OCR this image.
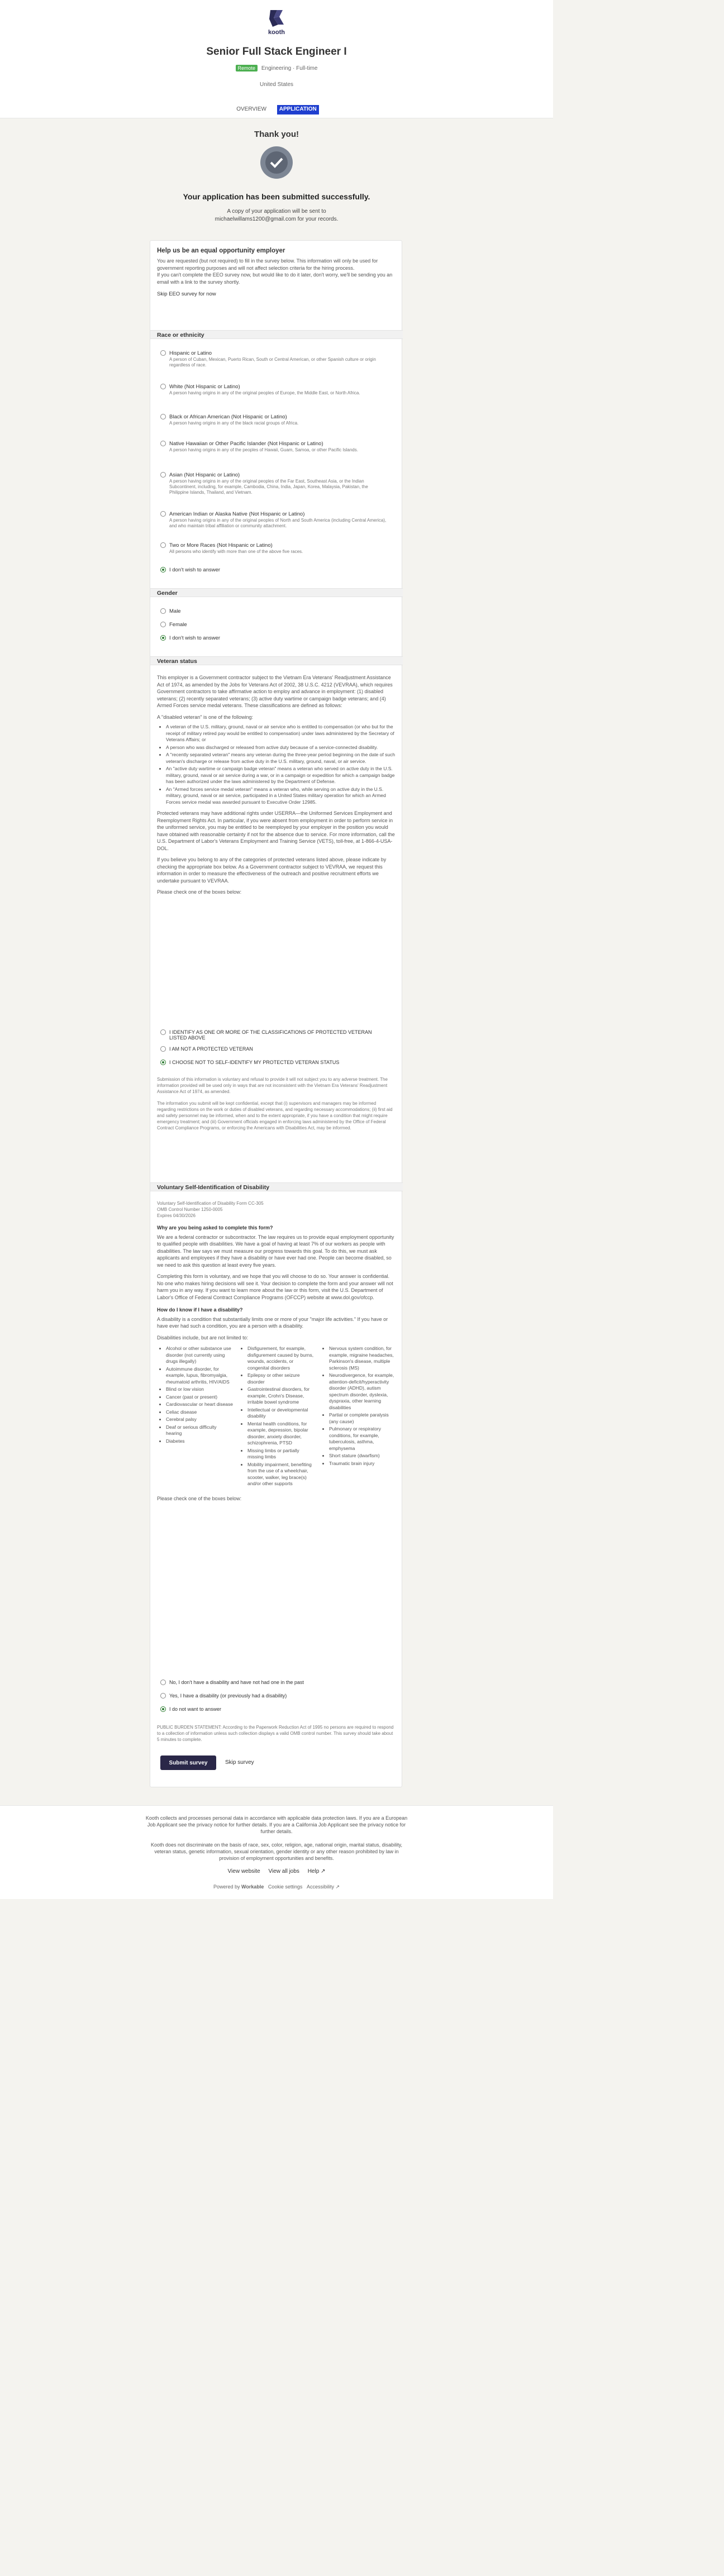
kooth
Senior Full Stack Engineer I
Remote Engineering · Full-time
United States
OVERVIEW APPLICATION
Thank you!
Your application has been submitted successfully.
A copy of your application will be sent to michaelwillams1200@gmail.com for your records.
Help us be an equal opportunity employer
You are requested (but not required) to fill in the survey below. This information will only be used for government reporting purposes and will not affect selection criteria for the hiring process.
If you can't complete the EEO survey now, but would like to do it later, don't worry, we'll be sending you an email with a link to the survey shortly.
Skip EEO survey for now
Race or ethnicity
Hispanic or Latino
A person of Cuban, Mexican, Puerto Rican, South or Central American, or other Spanish culture or origin regardless of race.
White (Not Hispanic or Latino)
A person having origins in any of the original peoples of Europe, the Middle East, or North Africa.
Black or African American (Not Hispanic or Latino)
A person having origins in any of the black racial groups of Africa.
Native Hawaiian or Other Pacific Islander (Not Hispanic or Latino)
A person having origins in any of the peoples of Hawaii, Guam, Samoa, or other Pacific Islands.
Asian (Not Hispanic or Latino)
A person having origins in any of the original peoples of the Far East, Southeast Asia, or the Indian Subcontinent, including, for example, Cambodia, China, India, Japan, Korea, Malaysia, Pakistan, the Philippine Islands, Thailand, and Vietnam.
American Indian or Alaska Native (Not Hispanic or Latino)
A person having origins in any of the original peoples of North and South America (including Central America), and who maintain tribal affiliation or community attachment.
Two or More Races (Not Hispanic or Latino)
All persons who identify with more than one of the above five races.
I don't wish to answer
Gender
Male
Female
I don't wish to answer
Veteran status
This employer is a Government contractor subject to the Vietnam Era Veterans' Readjustment Assistance Act of 1974, as amended by the Jobs for Veterans Act of 2002, 38 U.S.C. 4212 (VEVRAA), which requires Government contractors to take affirmative action to employ and advance in employment: (1) disabled veterans; (2) recently separated veterans; (3) active duty wartime or campaign badge veterans; and (4) Armed Forces service medal veterans. These classifications are defined as follows:
A "disabled veteran" is one of the following:
• A veteran of the U.S. military, ground, naval or air service who is entitled to compensation (or who but for the receipt of military retired pay would be entitled to compensation) under laws administered by the Secretary of Veterans Affairs; or
• A person who was discharged or released from active duty because of a service-connected disability.
• A "recently separated veteran" means any veteran during the three-year period beginning on the date of such veteran's discharge or release from active duty in the U.S. military, ground, naval, or air service.
• An "active duty wartime or campaign badge veteran" means a veteran who served on active duty in the U.S. military, ground, naval or air service during a war, or in a campaign or expedition for which a campaign badge has been authorized under the laws administered by the Department of Defense.
• An "Armed forces service medal veteran" means a veteran who, while serving on active duty in the U.S. military, ground, naval or air service, participated in a United States military operation for which an Armed Forces service medal was awarded pursuant to Executive Order 12985.
Protected veterans may have additional rights under USERRA—the Uniformed Services Employment and Reemployment Rights Act. In particular, if you were absent from employment in order to perform service in the uniformed service, you may be entitled to be reemployed by your employer in the position you would have obtained with reasonable certainty if not for the absence due to service. For more information, call the U.S. Department of Labor's Veterans Employment and Training Service (VETS), toll-free, at 1-866-4-USA-DOL.
If you believe you belong to any of the categories of protected veterans listed above, please indicate by checking the appropriate box below. As a Government contractor subject to VEVRAA, we request this information in order to measure the effectiveness of the outreach and positive recruitment efforts we undertake pursuant to VEVRAA.
Please check one of the boxes below:
I IDENTIFY AS ONE OR MORE OF THE CLASSIFICATIONS OF PROTECTED VETERAN LISTED ABOVE
I AM NOT A PROTECTED VETERAN
I CHOOSE NOT TO SELF-IDENTIFY MY PROTECTED VETERAN STATUS
Submission of this information is voluntary and refusal to provide it will not subject you to any adverse treatment. The information provided will be used only in ways that are not inconsistent with the Vietnam Era Veterans' Readjustment Assistance Act of 1974, as amended.
The information you submit will be kept confidential, except that (i) supervisors and managers may be informed regarding restrictions on the work or duties of disabled veterans, and regarding necessary accommodations; (ii) first aid and safety personnel may be informed, when and to the extent appropriate, if you have a condition that might require emergency treatment; and (iii) Government officials engaged in enforcing laws administered by the Office of Federal Contract Compliance Programs, or enforcing the Americans with Disabilities Act, may be informed.
Voluntary Self-Identification of Disability
Voluntary Self-Identification of Disability Form CC-305
OMB Control Number 1250-0005
Expires 04/30/2026
Why are you being asked to complete this form?
We are a federal contractor or subcontractor. The law requires us to provide equal employment opportunity to qualified people with disabilities. We have a goal of having at least 7% of our workers as people with disabilities. The law says we must measure our progress towards this goal. To do this, we must ask applicants and employees if they have a disability or have ever had one. People can become disabled, so we need to ask this question at least every five years.
Completing this form is voluntary, and we hope that you will choose to do so. Your answer is confidential. No one who makes hiring decisions will see it. Your decision to complete the form and your answer will not harm you in any way. If you want to learn more about the law or this form, visit the U.S. Department of Labor's Office of Federal Contract Compliance Programs (OFCCP) website at www.dol.gov/ofccp.
How do I know if I have a disability?
A disability is a condition that substantially limits one or more of your "major life activities." If you have or have ever had such a condition, you are a person with a disability.
Disabilities include, but are not limited to:
• Alcohol or other substance use disorder (not currently using drugs illegally)
• Autoimmune disorder, for example, lupus, fibromyalgia, rheumatoid arthritis, HIV/AIDS
• Blind or low vision
• Cancer (past or present)
• Cardiovascular or heart disease
• Celiac disease
• Cerebral palsy
• Deaf or serious difficulty hearing
• Diabetes
• Disfigurement, for example, disfigurement caused by burns, wounds, accidents, or congenital disorders
• Epilepsy or other seizure disorder
• Gastrointestinal disorders, for example, Crohn's Disease, irritable bowel syndrome
• Intellectual or developmental disability
• Mental health conditions, for example, depression, bipolar disorder, anxiety disorder, schizophrenia, PTSD
• Missing limbs or partially missing limbs
• Mobility impairment, benefiting from the use of a wheelchair, scooter, walker, leg brace(s) and/or other supports
• Nervous system condition, for example, migraine headaches, Parkinson's disease, multiple sclerosis (MS)
• Neurodivergence, for example, attention-deficit/hyperactivity disorder (ADHD), autism spectrum disorder, dyslexia, dyspraxia, other learning disabilities
• Partial or complete paralysis (any cause)
• Pulmonary or respiratory conditions, for example, tuberculosis, asthma, emphysema
• Short stature (dwarfism)
• Traumatic brain injury
Please check one of the boxes below:
No, I don't have a disability and have not had one in the past
Yes, I have a disability (or previously had a disability)
I do not want to answer
PUBLIC BURDEN STATEMENT: According to the Paperwork Reduction Act of 1995 no persons are required to respond to a collection of information unless such collection displays a valid OMB control number. This survey should take about 5 minutes to complete.
Submit survey	Skip survey
Kooth collects and processes personal data in accordance with applicable data protection laws. If you are a European Job Applicant see the privacy notice for further details. If you are a California Job Applicant see the privacy notice for further details.
Kooth does not discriminate on the basis of race, sex, color, religion, age, national origin, marital status, disability, veteran status, genetic information, sexual orientation, gender identity or any other reason prohibited by law in provision of employment opportunities and benefits.
View website View all jobs Help ↗
Powered by Workable Cookie settings Accessibility ↗
